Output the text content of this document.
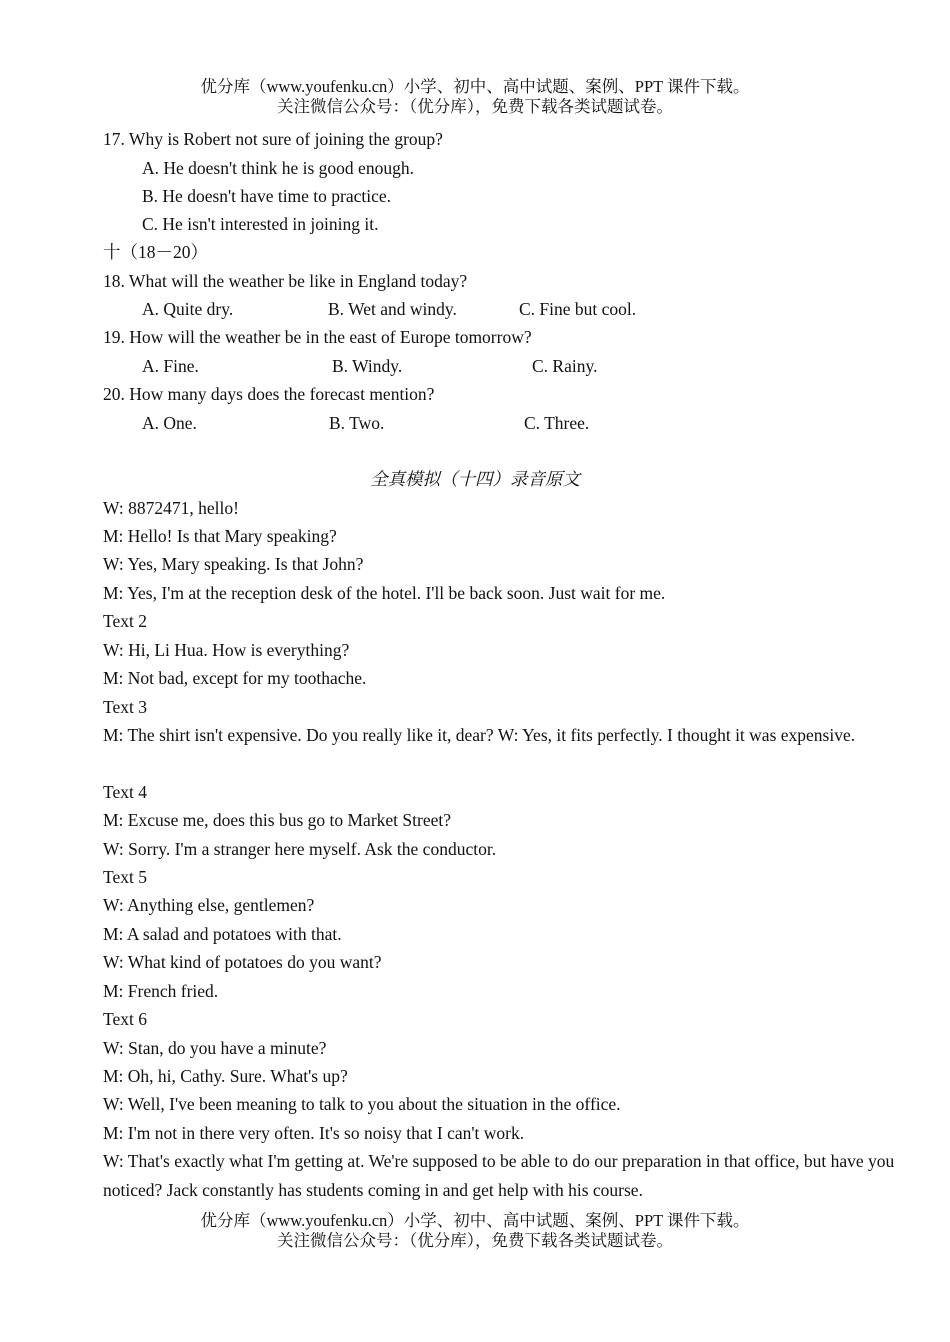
优分库（www.youfenku.cn）小学、初中、高中试题、案例、PPT 课件下载。
关注微信公众号：（优分库），免费下载各类试题试卷。
17. Why is Robert not sure of joining the group?
A. He doesn't think he is good enough.
B. He doesn't have time to practice.
C. He isn't interested in joining it.
十（18－20）
18. What will the weather be like in England today?
A. Quite dry.	B. Wet and windy.	C. Fine but cool.
19. How will the weather be in the east of Europe tomorrow?
A. Fine.	B. Windy.	C. Rainy.
20. How many days does the forecast mention?
A. One.	B. Two.	C. Three.
全真模拟（十四）录音原文
W: 8872471, hello!
M: Hello! Is that Mary speaking?
W: Yes, Mary speaking. Is that John?
M: Yes, I'm at the reception desk of the hotel. I'll be back soon. Just wait for me.
Text 2
W: Hi, Li Hua. How is everything?
M: Not bad, except for my toothache.
Text 3
M: The shirt isn't expensive. Do you really like it, dear? W: Yes, it fits perfectly. I thought it was expensive.
Text 4
M: Excuse me, does this bus go to Market Street?
W: Sorry. I'm a stranger here myself. Ask the conductor.
Text 5
W: Anything else, gentlemen?
M: A salad and potatoes with that.
W: What kind of potatoes do you want?
M: French fried.
Text 6
W: Stan, do you have a minute?
M: Oh, hi, Cathy. Sure. What's up?
W: Well, I've been meaning to talk to you about the situation in the office.
M: I'm not in there very often. It's so noisy that I can't work.
W: That's exactly what I'm getting at. We're supposed to be able to do our preparation in that office, but have you noticed? Jack constantly has students coming in and get help with his course.
优分库（www.youfenku.cn）小学、初中、高中试题、案例、PPT 课件下载。
关注微信公众号：（优分库），免费下载各类试题试卷。
